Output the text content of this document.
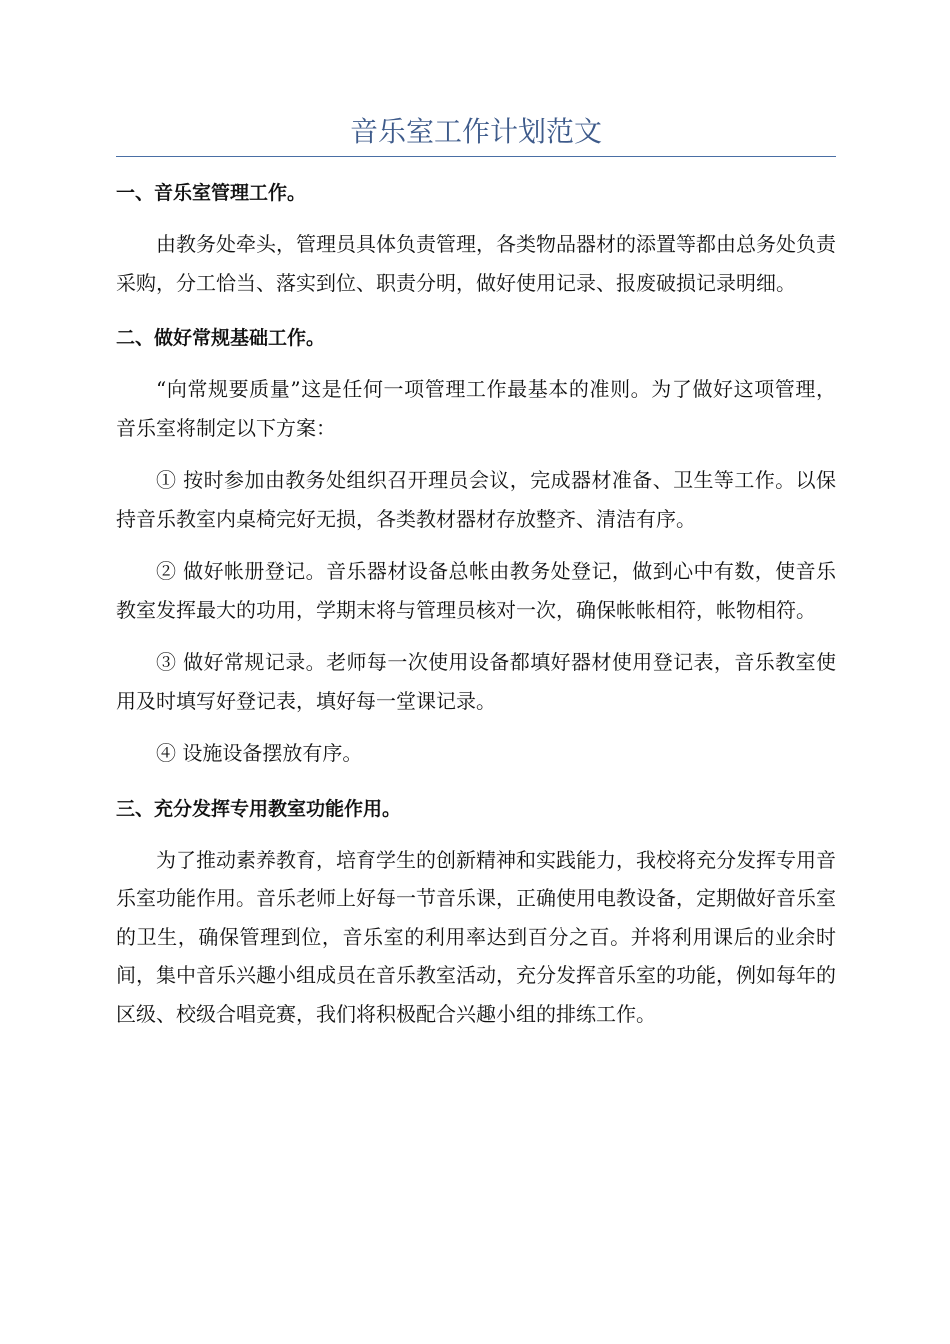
音乐室工作计划范文
一、音乐室管理工作。

由教务处牵头，管理员具体负责管理，各类物品器材的添置等都由总务处负责采购，分工恰当、落实到位、职责分明，做好使用记录、报废破损记录明细。

二、做好常规基础工作。

“向常规要质量”这是任何一项管理工作最基本的准则。为了做好这项管理，音乐室将制定以下方案：

① 按时参加由教务处组织召开理员会议，完成器材准备、卫生等工作。以保持音乐教室内桌椅完好无损，各类教材器材存放整齐、清洁有序。

② 做好帐册登记。音乐器材设备总帐由教务处登记，做到心中有数，使音乐教室发挥最大的功用，学期末将与管理员核对一次，确保帐帐相符，帐物相符。

③ 做好常规记录。老师每一次使用设备都填好器材使用登记表，音乐教室使用及时填写好登记表，填好每一堂课记录。

④ 设施设备摆放有序。

三、充分发挥专用教室功能作用。

为了推动素养教育，培育学生的创新精神和实践能力，我校将充分发挥专用音乐室功能作用。音乐老师上好每一节音乐课，正确使用电教设备，定期做好音乐室的卫生，确保管理到位，音乐室的利用率达到百分之百。并将利用课后的业余时间，集中音乐兴趣小组成员在音乐教室活动，充分发挥音乐室的功能，例如每年的区级、校级合唱竞赛，我们将积极配合兴趣小组的排练工作。
